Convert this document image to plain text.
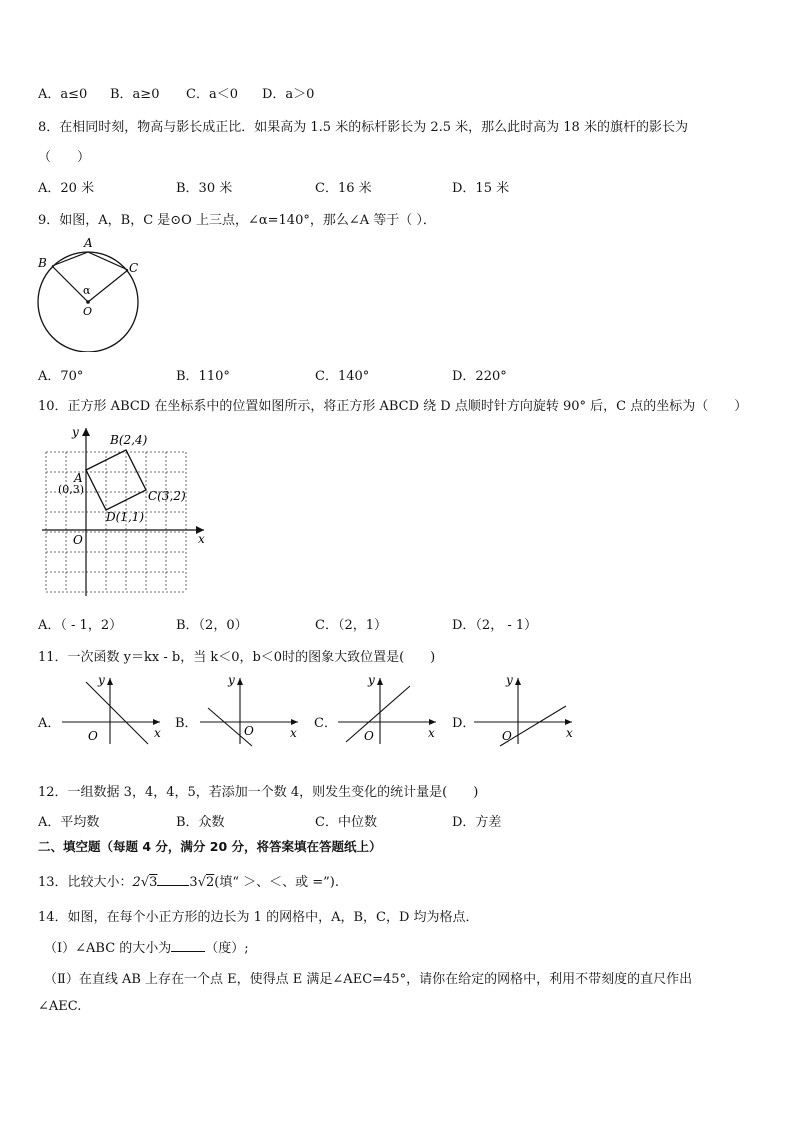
A．a≤0 B．a≥0 C．a＜0 D．a＞0
8．在相同时刻，物高与影长成正比．如果高为 1.5 米的标杆影长为 2.5 米，那么此时高为 18 米的旗杆的影长为
（　　）
A．20 米	B．30 米	C．16 米	D．15 米
9．如图，A，B，C 是⊙O 上三点，∠α=140°，那么∠A 等于（ ）．
A
B	C
α
O
A．70°	B．110°	C．140°	D．220°
10．正方形 ABCD 在坐标系中的位置如图所示，将正方形 ABCD 绕 D 点顺时针方向旋转 90° 后，C 点的坐标为（　　）
x
y
O
B(2,4)
A
(0,3)	C(3,2)
D(1,1)
A．（ - 1，2）	B．（2，0）	C．（2，1）	D．（2， - 1）
11．一次函数 y＝kx - b，当 k＜0，b＜0时的图象大致位置是(　　)
A．
x
y
O
B．
x
y
O	C．
x
y
O
D．
x
y
O
12．一组数据 3，4，4，5，若添加一个数 4，则发生变化的统计量是(　　)
A．平均数	B．众数	C．中位数	D．方差
二、填空题（每题 4 分，满分 20 分，将答案填在答题纸上）
13．比较大小：2√3 3√2(填“ ＞、＜、或 =”).
14．如图，在每个小正方形的边长为 1 的网格中，A，B，C，D 均为格点．
（Ⅰ）∠ABC 的大小为	（度）;
（Ⅱ）在直线 AB 上存在一个点 E，使得点 E 满足∠AEC=45°，请你在给定的网格中，利用不带刻度的直尺作出
∠AEC.
